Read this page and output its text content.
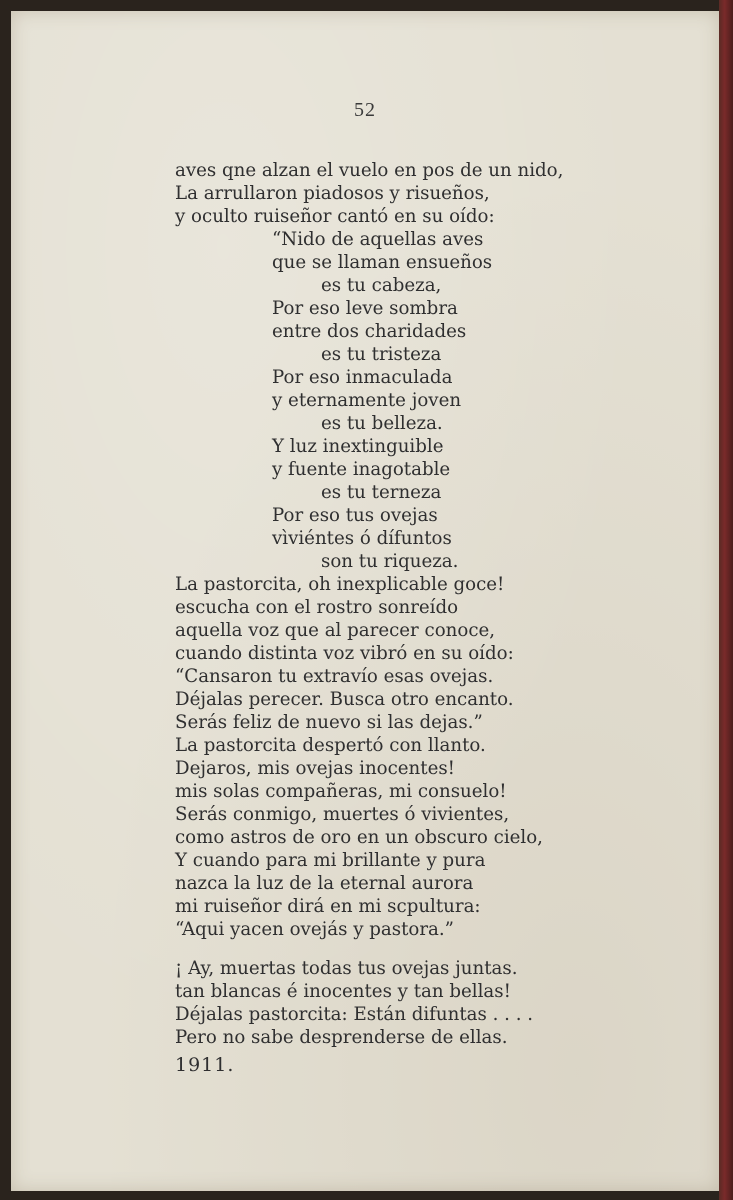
52
aves qne alzan el vuelo en pos de un nido,
La arrullaron piadosos y risueños,
y oculto ruiseñor cantó en su oído:
“Nido de aquellas aves
que se llaman ensueños
es tu cabeza,
Por eso leve sombra
entre dos charidades
es tu tristeza
Por eso inmaculada
y eternamente joven
es tu belleza.
Y luz inextinguible
y fuente inagotable
es tu terneza
Por eso tus ovejas
vìviéntes ó dífuntos
son tu riqueza.
La pastorcita, oh inexplicable goce!
escucha con el rostro sonreído
aquella voz que al parecer conoce,
cuando distinta voz vibró en su oído:
“Cansaron tu extravío esas ovejas.
Déjalas perecer. Busca otro encanto.
Serás feliz de nuevo si las dejas.”
La pastorcita despertó con llanto.
Dejaros, mis ovejas inocentes!
mis solas compañeras, mi consuelo!
Serás conmigo, muertes ó vivientes,
como astros de oro en un obscuro cielo,
Y cuando para mi brillante y pura
nazca la luz de la eternal aurora
mi ruiseñor dirá en mi scpultura:
“Aqui yacen ovejás y pastora.”
¡ Ay, muertas todas tus ovejas juntas.
tan blancas é inocentes y tan bellas!
Déjalas pastorcita: Están difuntas . . . .
Pero no sabe desprenderse de ellas.
1911.
